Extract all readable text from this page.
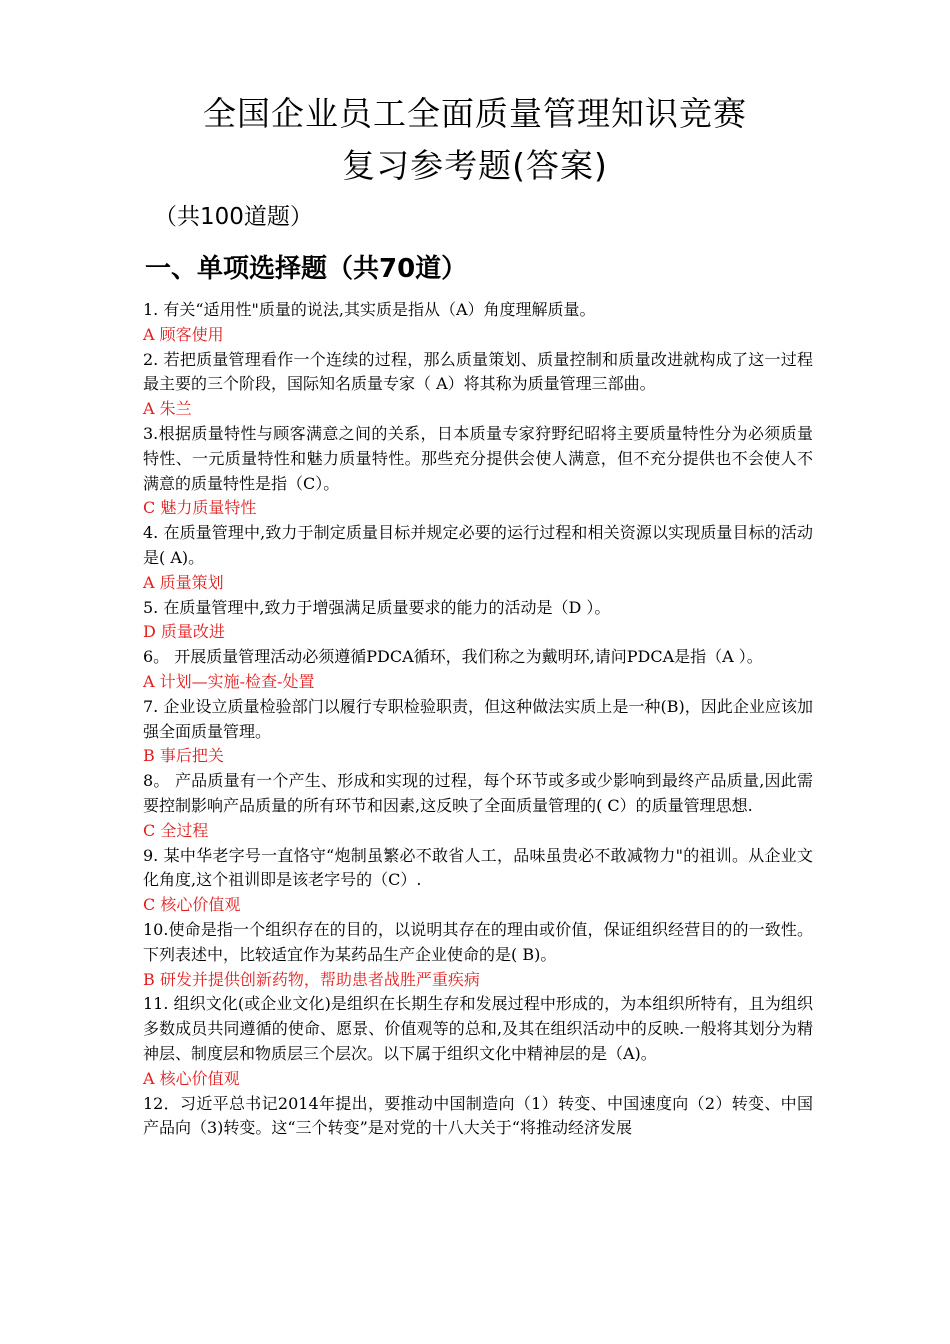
全国企业员工全面质量管理知识竞赛
复习参考题(答案)
（共100道题）
一、单项选择题（共70道）
1. 有关“适用性"质量的说法,其实质是指从（A）角度理解质量。
A 顾客使用
2. 若把质量管理看作一个连续的过程，那么质量策划、质量控制和质量改进就构成了这一过程最主要的三个阶段，国际知名质量专家（ A）将其称为质量管理三部曲。
A 朱兰
3.根据质量特性与顾客满意之间的关系，日本质量专家狩野纪昭将主要质量特性分为必须质量特性、一元质量特性和魅力质量特性。那些充分提供会使人满意，但不充分提供也不会使人不满意的质量特性是指（C）。
C 魅力质量特性
4. 在质量管理中,致力于制定质量目标并规定必要的运行过程和相关资源以实现质量目标的活动是( A)。
A 质量策划
5. 在质量管理中,致力于增强满足质量要求的能力的活动是（D ）。
D 质量改进
6。 开展质量管理活动必须遵循PDCA循环，我们称之为戴明环,请问PDCA是指（A ）。
A 计划—实施-检查-处置
7. 企业设立质量检验部门以履行专职检验职责，但这种做法实质上是一种(B)，因此企业应该加强全面质量管理。
B 事后把关
8。 产品质量有一个产生、形成和实现的过程，每个环节或多或少影响到最终产品质量,因此需要控制影响产品质量的所有环节和因素,这反映了全面质量管理的( C）的质量管理思想.
C 全过程
9. 某中华老字号一直恪守“炮制虽繁必不敢省人工，品味虽贵必不敢减物力"的祖训。从企业文化角度,这个祖训即是该老字号的（C）.
C 核心价值观
10.使命是指一个组织存在的目的，以说明其存在的理由或价值，保证组织经营目的的一致性。下列表述中，比较适宜作为某药品生产企业使命的是( B)。
B 研发并提供创新药物，帮助患者战胜严重疾病
11. 组织文化(或企业文化)是组织在长期生存和发展过程中形成的，为本组织所特有，且为组织多数成员共同遵循的使命、愿景、价值观等的总和,及其在组织活动中的反映.一般将其划分为精神层、制度层和物质层三个层次。以下属于组织文化中精神层的是（A)。
A 核心价值观
12．习近平总书记2014年提出，要推动中国制造向（1）转变、中国速度向（2）转变、中国产品向（3)转变。这“三个转变”是对党的十八大关于“将推动经济发展
